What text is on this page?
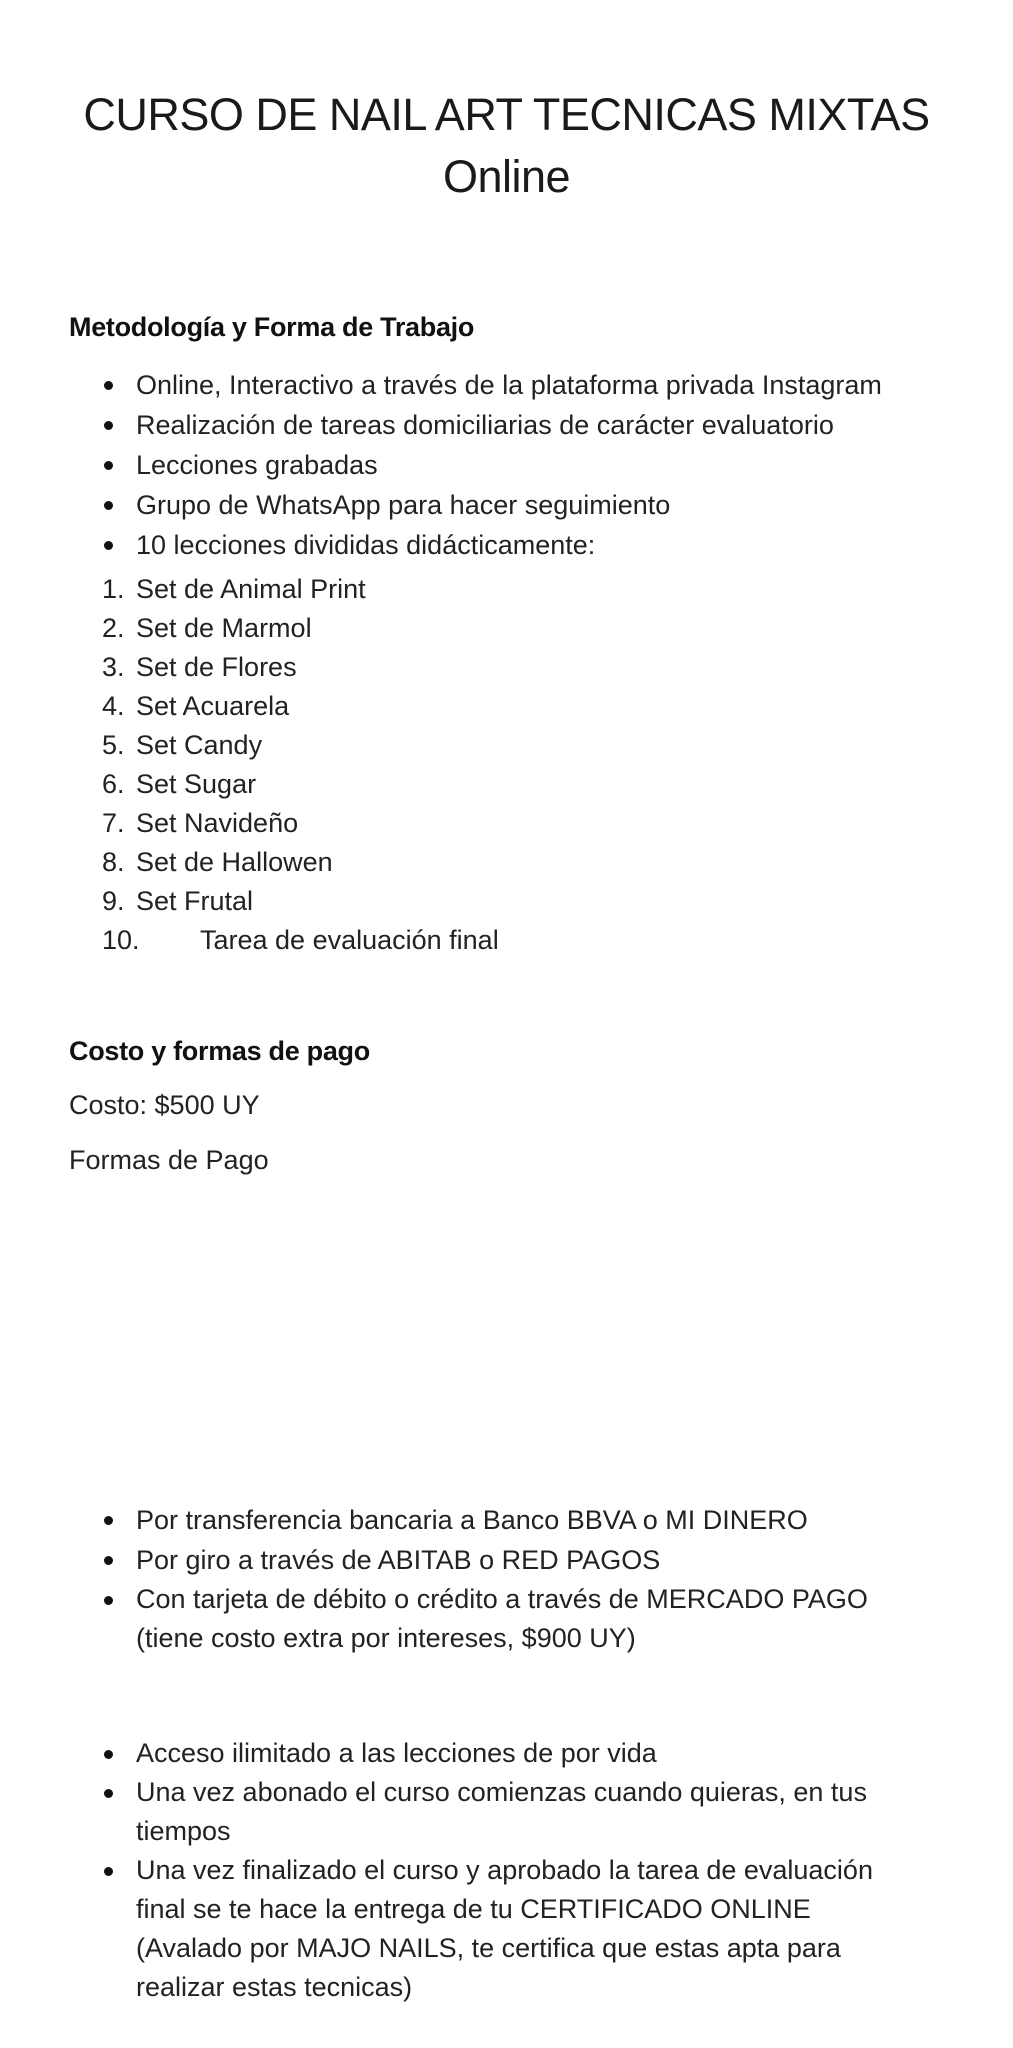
CURSO DE NAIL ART TECNICAS MIXTAS
Online
Metodología y Forma de Trabajo
Online, Interactivo a través de la plataforma privada Instagram
Realización de tareas domiciliarias de carácter evaluatorio
Lecciones grabadas
Grupo de WhatsApp para hacer seguimiento
10 lecciones divididas didácticamente:
1. Set de Animal Print
2. Set de Marmol
3. Set de Flores
4. Set Acuarela
5. Set Candy
6. Set Sugar
7. Set Navideño
8. Set de Hallowen
9. Set Frutal
10. Tarea de evaluación final
Costo y formas de pago

Costo: $500 UY

Formas de Pago

Por transferencia bancaria a Banco BBVA o MI DINERO
Por giro a través de ABITAB o RED PAGOS
Con tarjeta de débito o crédito a través de MERCADO PAGO (tiene costo extra por intereses, $900 UY)
Acceso ilimitado a las lecciones de por vida
Una vez abonado el curso comienzas cuando quieras, en tus tiempos
Una vez finalizado el curso y aprobado la tarea de evaluación final se te hace la entrega de tu CERTIFICADO ONLINE (Avalado por MAJO NAILS, te certifica que estas apta para realizar estas tecnicas)
